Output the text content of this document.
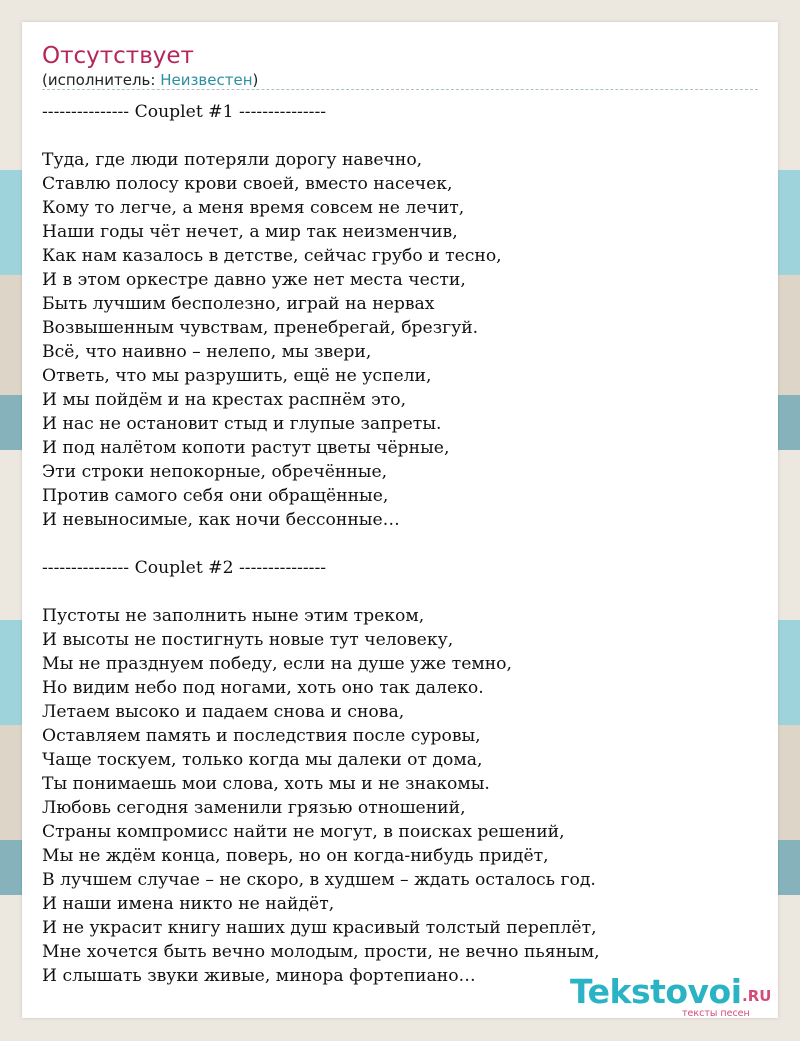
Отсутствует
(исполнитель: Неизвестен)
--------------- Couplet #1 ---------------
Туда, где люди потеряли дорогу навечно,
Ставлю полосу крови своей, вместо насечек,
Кому то легче, а меня время совсем не лечит,
Наши годы чёт нечет, а мир так неизменчив,
Как нам казалось в детстве, сейчас грубо и тесно,
И в этом оркестре давно уже нет места чести,
Быть лучшим бесполезно, играй на нервах
Возвышенным чувствам, пренебрегай, брезгуй.
Всё, что наивно – нелепо, мы звери,
Ответь, что мы разрушить, ещё не успели,
И мы пойдём и на крестах распнём это,
И нас не остановит стыд и глупые запреты.
И под налётом копоти растут цветы чёрные,
Эти строки непокорные, обречённые,
Против самого себя они обращённые,
И невыносимые, как ночи бессонные…
--------------- Couplet #2 ---------------
Пустоты не заполнить ныне этим треком,
И высоты не постигнуть новые тут человеку,
Мы не празднуем победу, если на душе уже темно,
Но видим небо под ногами, хоть оно так далеко.
Летаем высоко и падаем снова и снова,
Оставляем память и последствия после суровы,
Чаще тоскуем, только когда мы далеки от дома,
Ты понимаешь мои слова, хоть мы и не знакомы.
Любовь сегодня заменили грязью отношений,
Страны компромисс найти не могут, в поисках решений,
Мы не ждём конца, поверь, но он когда-нибудь придёт,
В лучшем случае – не скоро, в худшем – ждать осталось год.
И наши имена никто не найдёт,
И не украсит книгу наших душ красивый толстый переплёт,
Мне хочется быть вечно молодым, прости, не вечно пьяным,
И слышать звуки живые, минора фортепиано…	Tekstovoi .RU
тексты песен
